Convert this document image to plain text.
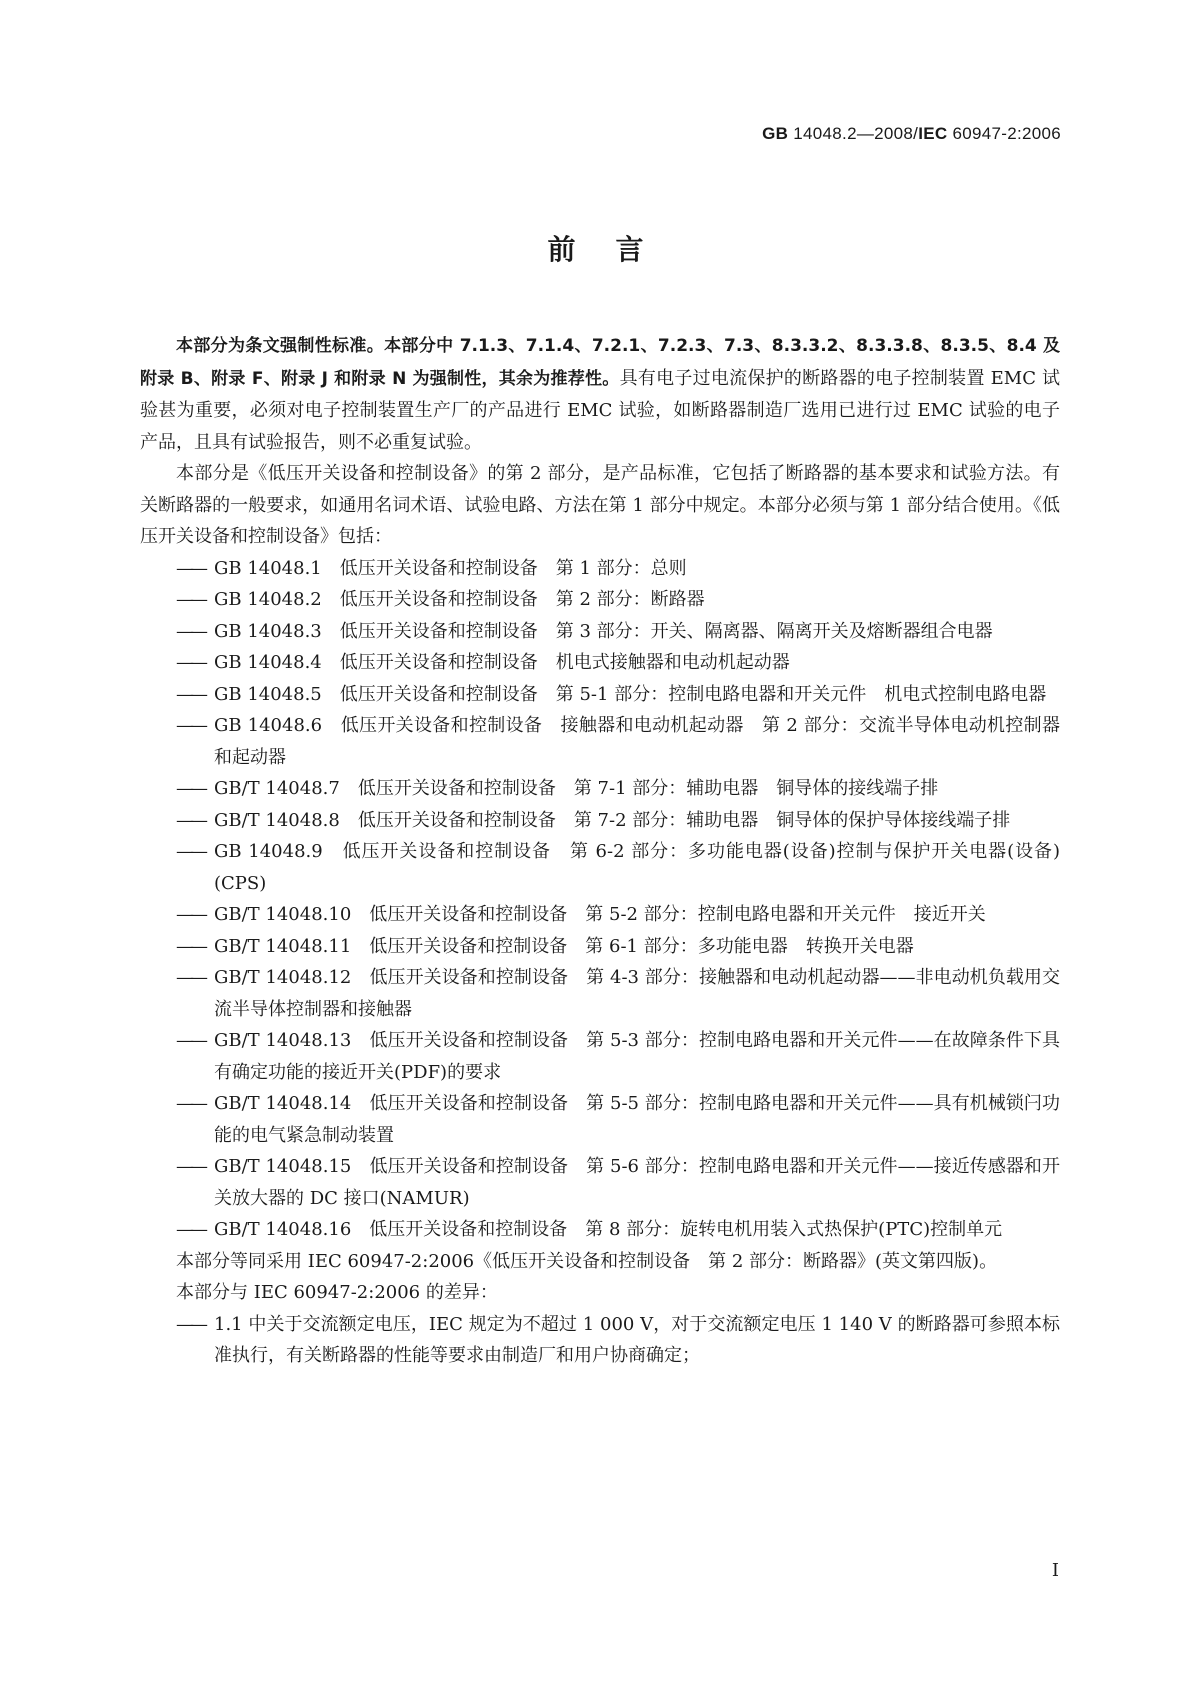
GB 14048.2—2008/IEC 60947-2:2006
前言

本部分为条文强制性标准。本部分中 7.1.3、7.1.4、7.2.1、7.2.3、7.3、8.3.3.2、8.3.3.8、8.3.5、8.4 及附录 B、附录 F、附录 J 和附录 N 为强制性，其余为推荐性。具有电子过电流保护的断路器的电子控制装置 EMC 试验甚为重要，必须对电子控制装置生产厂的产品进行 EMC 试验，如断路器制造厂选用已进行过 EMC 试验的电子产品，且具有试验报告，则不必重复试验。

本部分是《低压开关设备和控制设备》的第 2 部分，是产品标准，它包括了断路器的基本要求和试验方法。有关断路器的一般要求，如通用名词术语、试验电路、方法在第 1 部分中规定。本部分必须与第 1 部分结合使用。《低压开关设备和控制设备》包括：

—— GB 14048.1　低压开关设备和控制设备　第 1 部分：总则
—— GB 14048.2　低压开关设备和控制设备　第 2 部分：断路器
—— GB 14048.3　低压开关设备和控制设备　第 3 部分：开关、隔离器、隔离开关及熔断器组合电器
—— GB 14048.4　低压开关设备和控制设备　机电式接触器和电动机起动器
—— GB 14048.5　低压开关设备和控制设备　第 5-1 部分：控制电路电器和开关元件　机电式控制电路电器
—— GB 14048.6　低压开关设备和控制设备　接触器和电动机起动器　第 2 部分：交流半导体电动机控制器和起动器
—— GB/T 14048.7　低压开关设备和控制设备　第 7-1 部分：辅助电器　铜导体的接线端子排
—— GB/T 14048.8　低压开关设备和控制设备　第 7-2 部分：辅助电器　铜导体的保护导体接线端子排
—— GB 14048.9　低压开关设备和控制设备　第 6-2 部分：多功能电器(设备)控制与保护开关电器(设备)(CPS)
—— GB/T 14048.10　低压开关设备和控制设备　第 5-2 部分：控制电路电器和开关元件　接近开关
—— GB/T 14048.11　低压开关设备和控制设备　第 6-1 部分：多功能电器　转换开关电器
—— GB/T 14048.12　低压开关设备和控制设备　第 4-3 部分：接触器和电动机起动器——非电动机负载用交流半导体控制器和接触器
—— GB/T 14048.13　低压开关设备和控制设备　第 5-3 部分：控制电路电器和开关元件——在故障条件下具有确定功能的接近开关(PDF)的要求
—— GB/T 14048.14　低压开关设备和控制设备　第 5-5 部分：控制电路电器和开关元件——具有机械锁闩功能的电气紧急制动装置
—— GB/T 14048.15　低压开关设备和控制设备　第 5-6 部分：控制电路电器和开关元件——接近传感器和开关放大器的 DC 接口(NAMUR)
—— GB/T 14048.16　低压开关设备和控制设备　第 8 部分：旋转电机用装入式热保护(PTC)控制单元

本部分等同采用 IEC 60947-2:2006《低压开关设备和控制设备　第 2 部分：断路器》(英文第四版)。

本部分与 IEC 60947-2:2006 的差异：

—— 1.1 中关于交流额定电压，IEC 规定为不超过 1 000 V，对于交流额定电压 1 140 V 的断路器可参照本标准执行，有关断路器的性能等要求由制造厂和用户协商确定；
I
